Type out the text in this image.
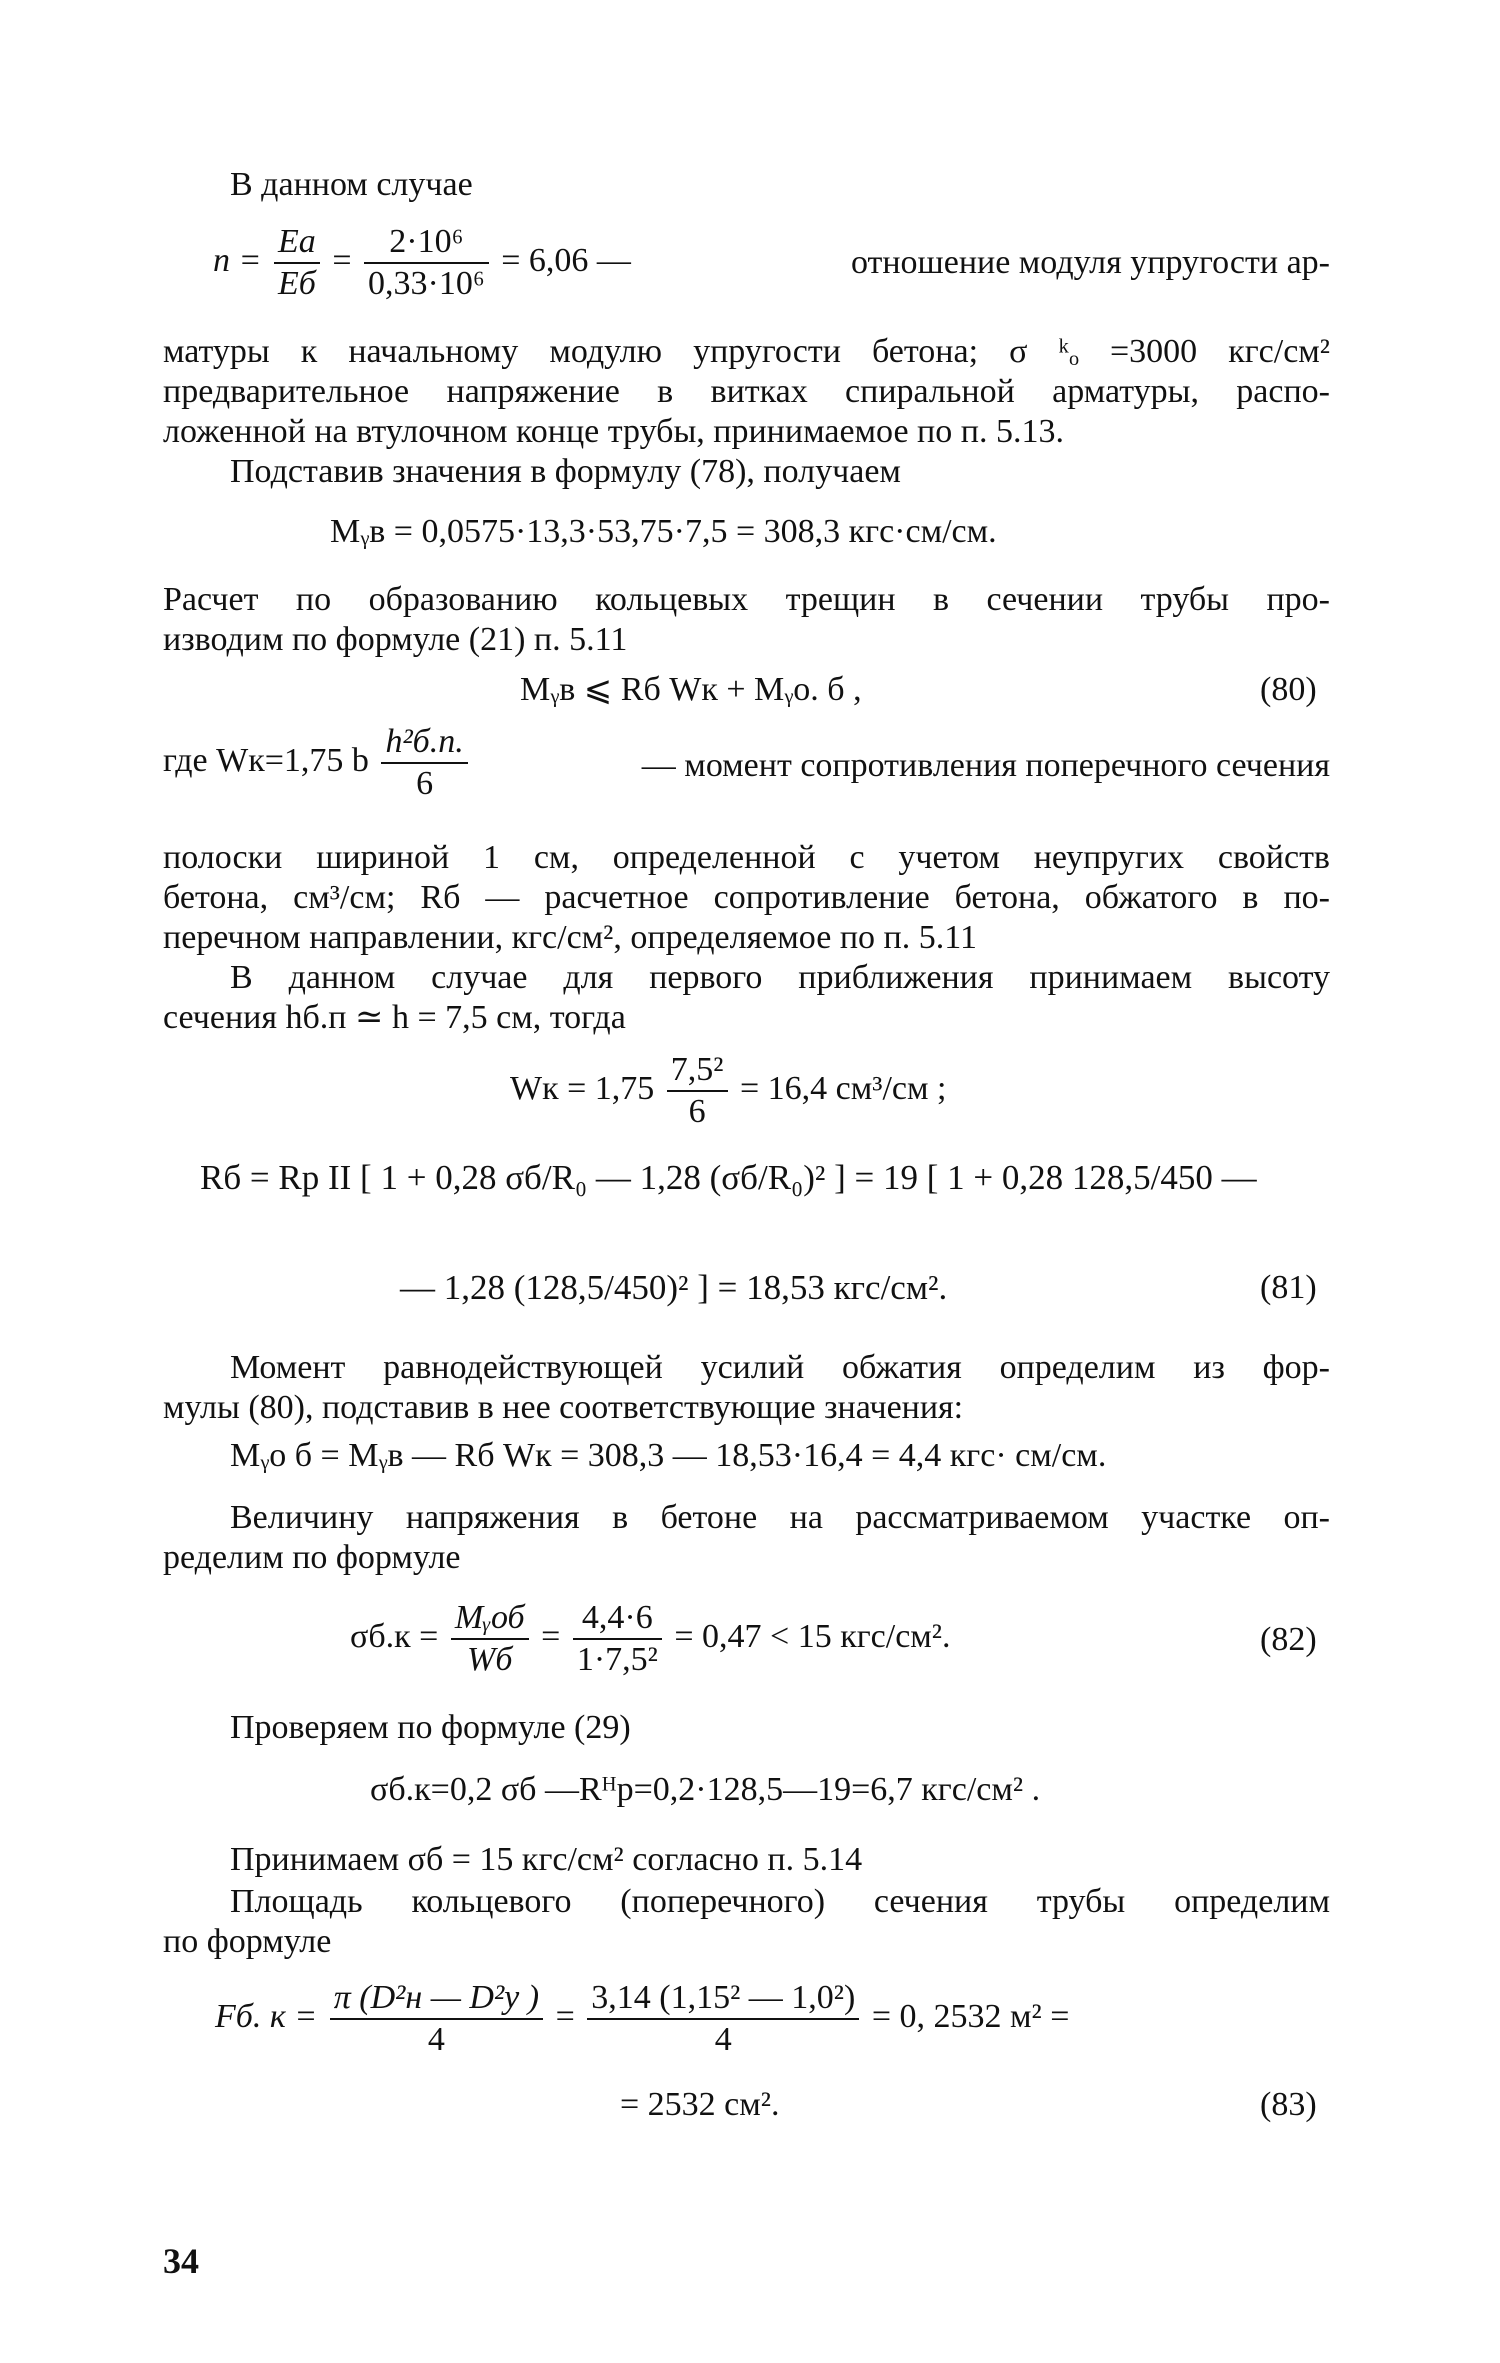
В данном случае
$n = \frac{Ea}{Eб} = \frac{\text{2·10⁶}}{\text{0,33·10⁶}} = 6,06$ —	отношение модуля упругости ар-
матуры к начальному модулю упругости бетона; σ ᵏₒ =3000 кгс/см²
предварительное напряжение в витках спиральной арматуры, распо-
ложенной на втулочном конце трубы, принимаемое по п. 5.13.
Подставив значения в формулу (78), получаем
Mᵧв = 0,0575·13,3·53,75·7,5 = 308,3 кгс·см/см.
Расчет по образованию кольцевых трещин в сечении трубы про-
изводим по формуле (21) п. 5.11
Mᵧв ⩽ Rб Wк + Mᵧо. б ,	(80)
где Wк=1,75 b $\frac{\text{h²б.п.}}{6}$	— момент сопротивления поперечного сечения
полоски шириной 1 см, определенной с учетом неупругих свойств
бетона, см³/см; Rб — расчетное сопротивление бетона, обжатого в по-
перечном направлении, кгс/см², определяемое по п. 5.11
В данном случае для первого приближения принимаем высоту
сечения hб.п ≃ h = 7,5 см, тогда
Wк = $1,75 \frac{\text{7,5²}}{6} = 16,4$ см³/см ;
Rб = Rp II [ 1 + 0,28 σб/R₀ — 1,28 (σб/R₀)² ] = 19 [ 1 + 0,28 128,5/450 —
— 1,28 (128,5/450)² ] = 18,53 кгс/см².	(81)
Момент равнодействующей усилий обжатия определим из фор-
мулы (80), подставив в нее соответствующие значения:
Mᵧо б = Mᵧв — Rб Wк = 308,3 — 18,53·16,4 = 4,4 кгс· см/см.
Величину напряжения в бетоне на рассматриваемом участке оп-
ределим по формуле
$\sigma б.к = \frac{\text{Mᵧоб}}{Wб} = \frac{4,4\cdot 6}{\text{1·7,5²}} = 0,47 < 15$ кгс/см².	(82)
Проверяем по формуле (29)
σб.к=0,2 σб —Rᴴр=0,2·128,5—19=6,7 кгс/см² .
Принимаем σб = 15 кгс/см² согласно п. 5.14
Площадь кольцевого (поперечного) сечения трубы определим
по формуле
Fб. $к = \frac{\text{π (D²н — D²у )}}{4} = \frac{\text{3,14 (1,15² — 1,0²)}}{4} = 0$, 2532 м² =
= 2532 см².	(83)
34
